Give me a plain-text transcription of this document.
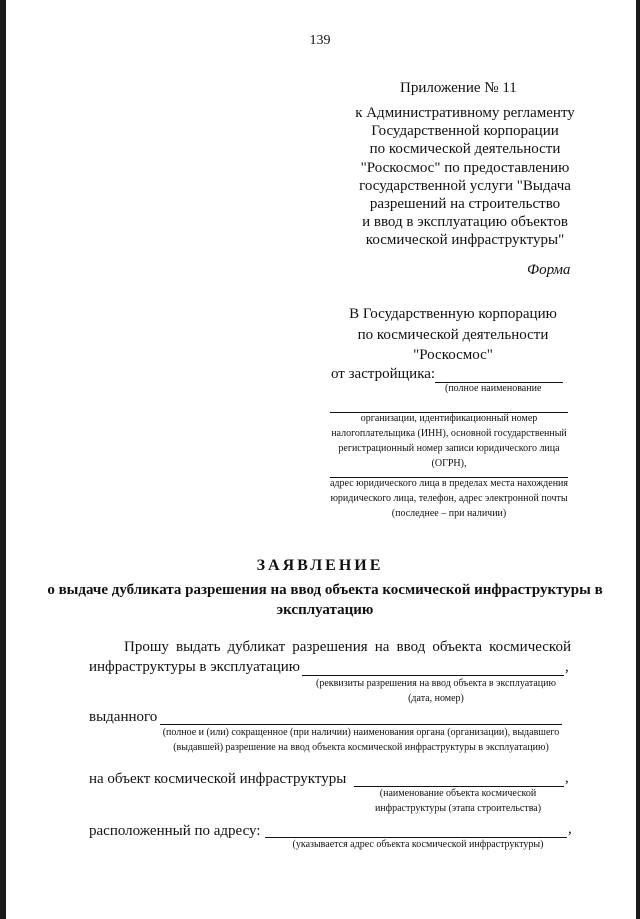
139
Приложение № 11
к Административному регламенту
Государственной корпорации
по космической деятельности
"Роскосмос" по предоставлению
государственной услуги "Выдача
разрешений на строительство
и ввод в эксплуатацию объектов
космической инфраструктуры"
Форма
В Государственную корпорацию
по космической деятельности
"Роскосмос"
от застройщика:
(полное наименование
организации, идентификационный номер налогоплательщика (ИНН), основной государственный регистрационный номер записи юридического лица (ОГРН),
адрес юридического лица в пределах места нахождения юридического лица, телефон, адрес электронной почты (последнее – при наличии)
ЗАЯВЛЕНИЕ
о выдаче дубликата разрешения на ввод объекта космической инфраструктуры в эксплуатацию
Прошу выдать дубликат разрешения на ввод объекта космической
инфраструктуры в эксплуатацию	,
(реквизиты разрешения на ввод объекта в эксплуатацию (дата, номер)
выданного
(полное и (или) сокращенное (при наличии) наименования органа (организации), выдавшего (выдавшей) разрешение на ввод объекта космической инфраструктуры в эксплуатацию)
на объект космической инфраструктуры	,
(наименование объекта космической инфраструктуры (этапа строительства)
расположенный по адресу:	,
(указывается адрес объекта космической инфраструктуры)
